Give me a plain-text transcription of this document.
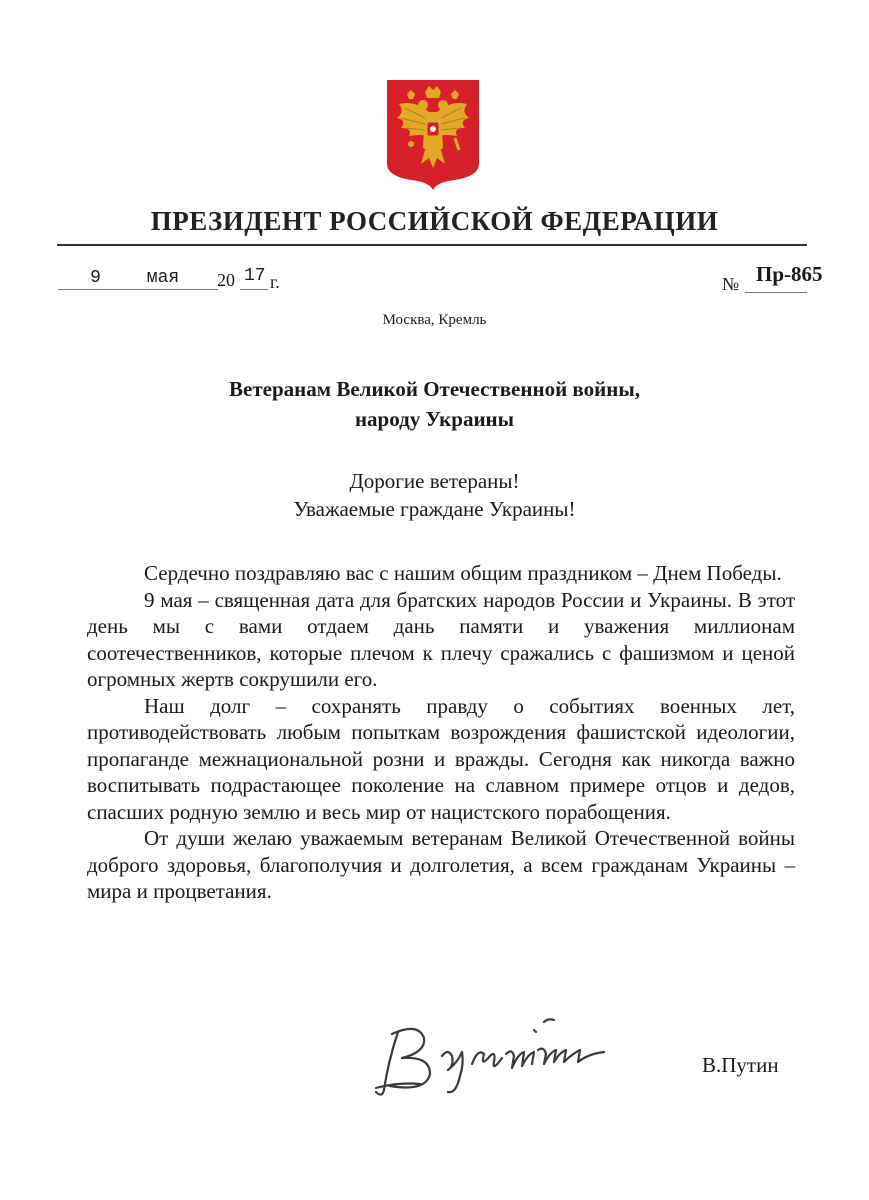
ПРЕЗИДЕНТ РОССИЙСКОЙ ФЕДЕРАЦИИ
9	мая	20 17 г.	№ Пр-865
Москва, Кремль
Ветеранам Великой Отечественной войны,
народу Украины
Дорогие ветераны!
Уважаемые граждане Украины!

Сердечно поздравляю вас с нашим общим праздником – Днем Победы.

9 мая – священная дата для братских народов России и Украины. В этот день мы с вами отдаем дань памяти и уважения миллионам соотечественников, которые плечом к плечу сражались с фашизмом и ценой огромных жертв сокрушили его.

Наш долг – сохранять правду о событиях военных лет, противодействовать любым попыткам возрождения фашистской идеологии, пропаганде межнациональной розни и вражды. Сегодня как никогда важно воспитывать подрастающее поколение на славном примере отцов и дедов, спасших родную землю и весь мир от нацистского порабощения.

От души желаю уважаемым ветеранам Великой Отечественной войны доброго здоровья, благополучия и долголетия, а всем гражданам Украины – мира и процветания.

В.Путин
